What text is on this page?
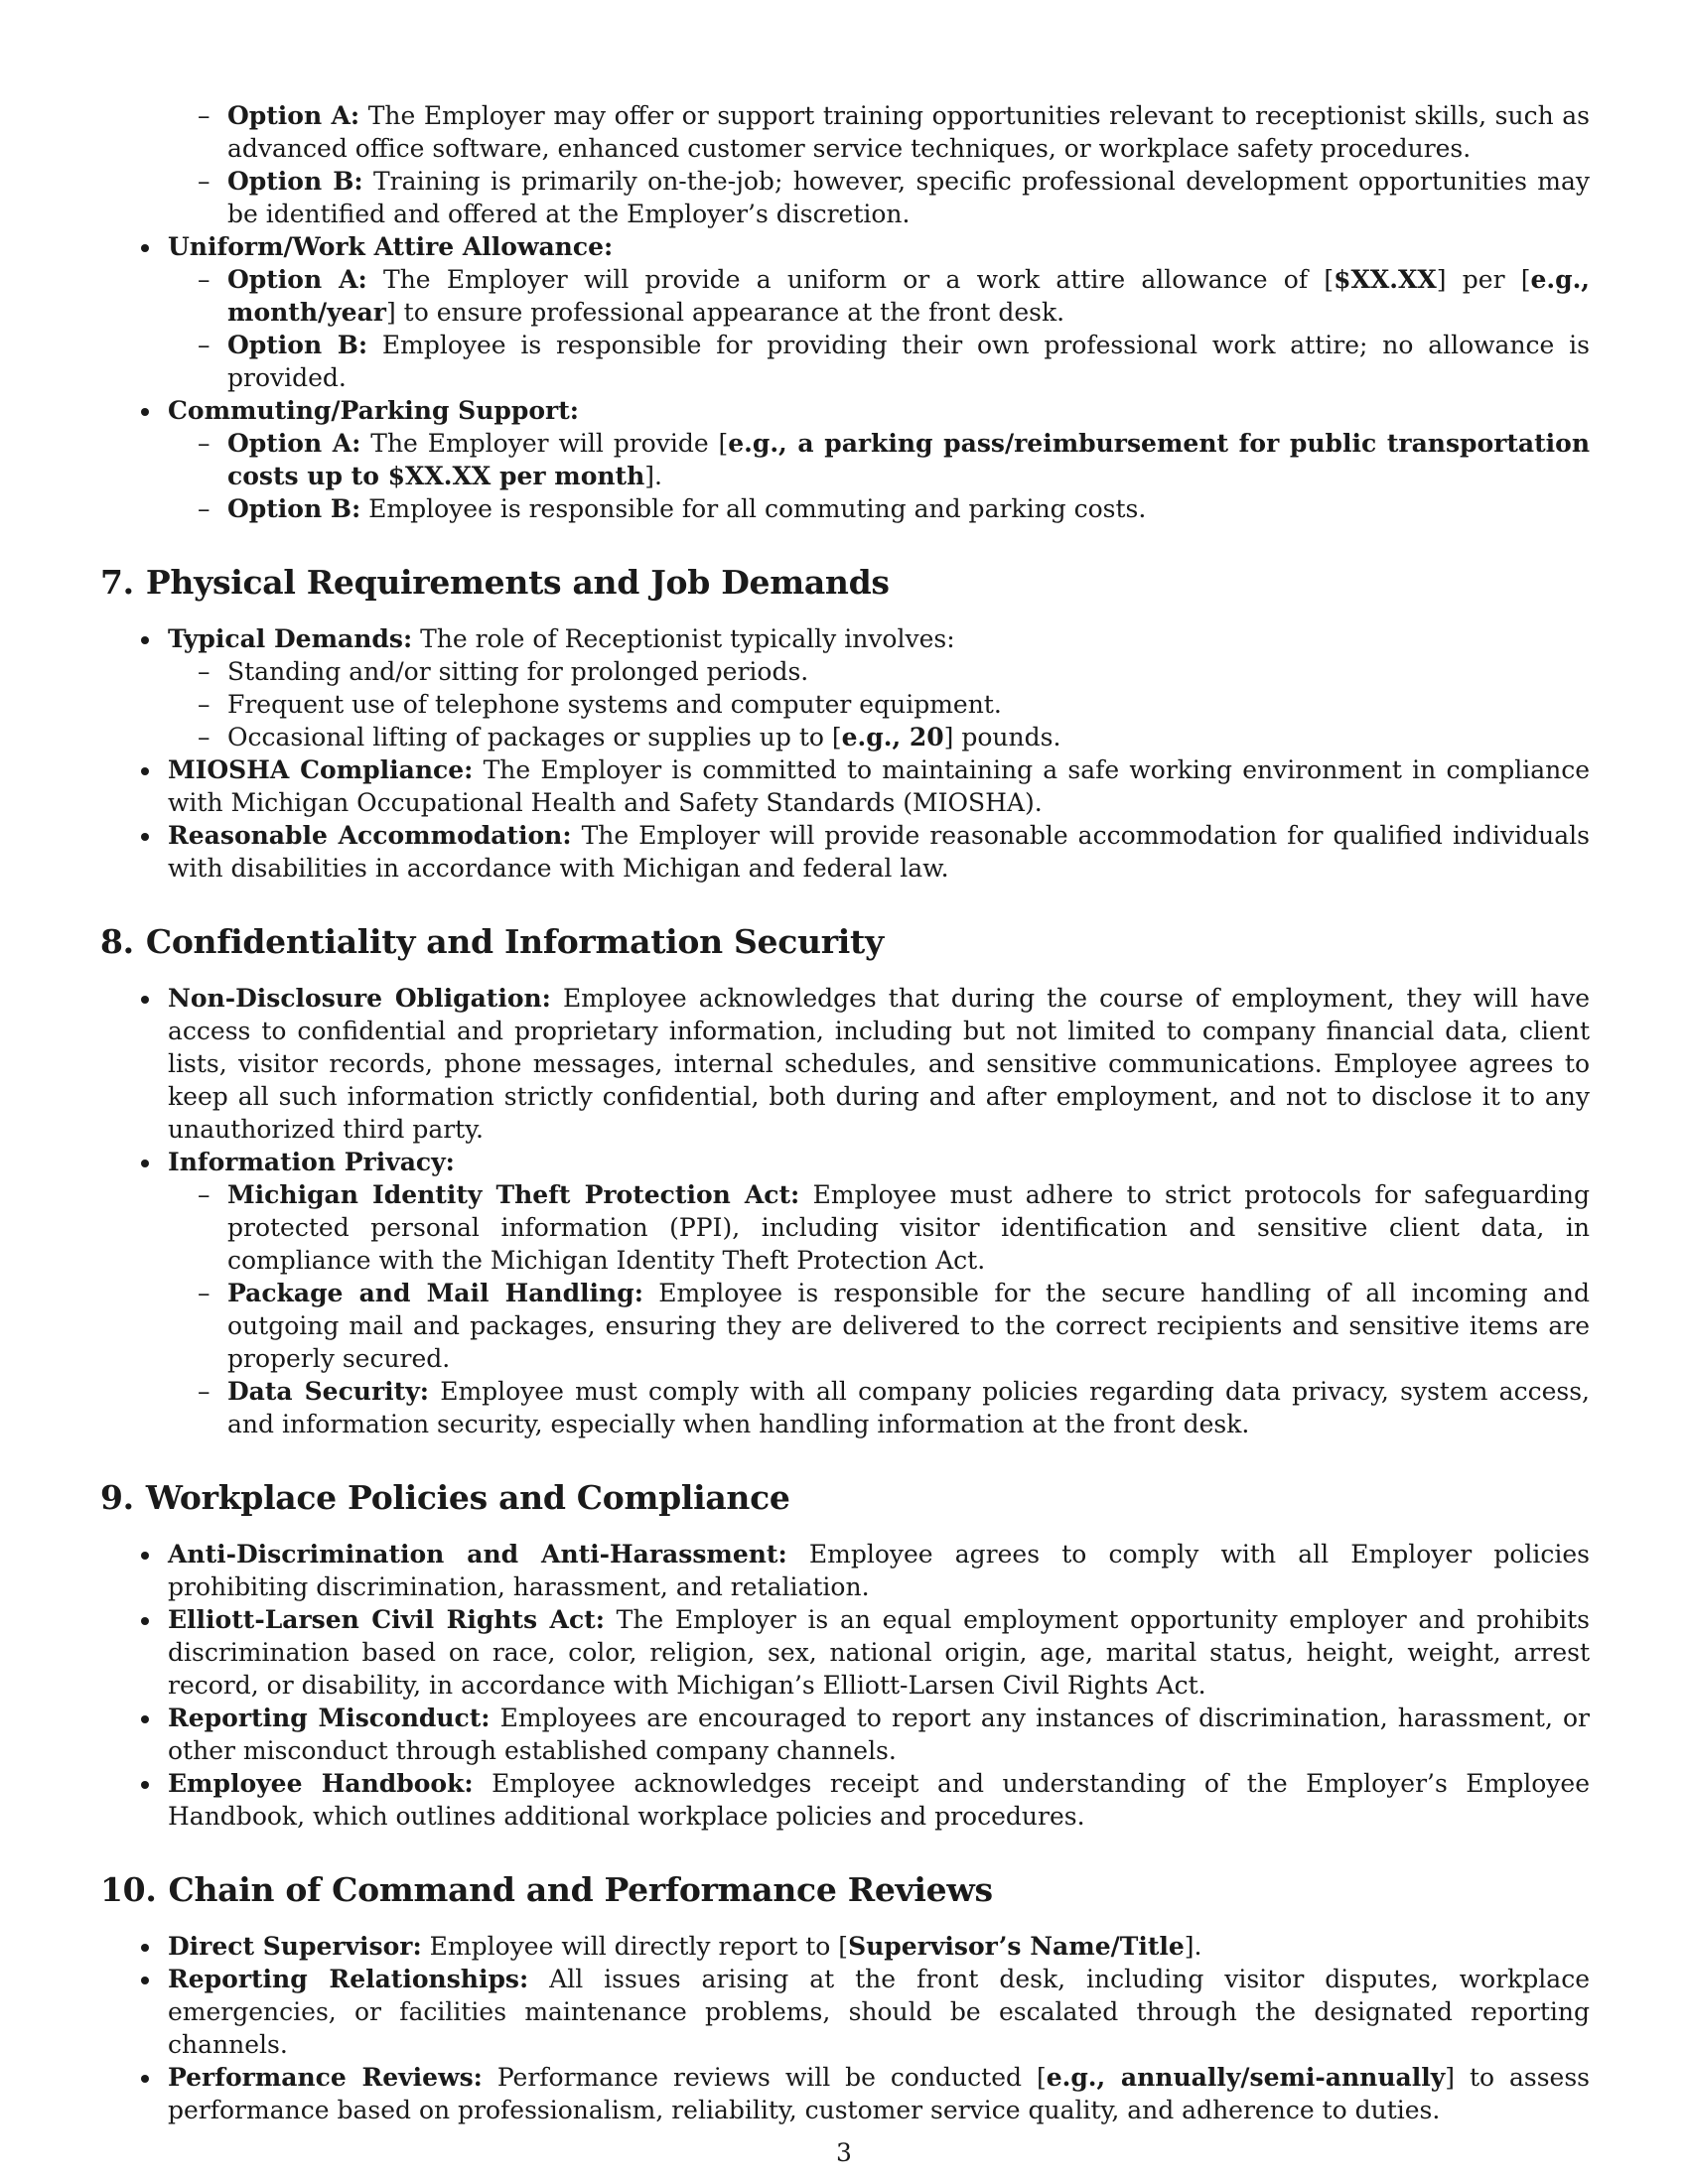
– Option A: The Employer may offer or support training opportunities relevant to receptionist skills, such as advanced office software, enhanced customer service techniques, or workplace safety procedures.
– Option B: Training is primarily on-the-job; however, specific professional development opportunities may be identified and offered at the Employer’s discretion.
Uniform/Work Attire Allowance:
– Option A: The Employer will provide a uniform or a work attire allowance of [$XX.XX] per [e.g., month/year] to ensure professional appearance at the front desk.
– Option B: Employee is responsible for providing their own professional work attire; no allowance is provided.
Commuting/Parking Support:
– Option A: The Employer will provide [e.g., a parking pass/reimbursement for public transportation costs up to $XX.XX per month].
– Option B: Employee is responsible for all commuting and parking costs.
7. Physical Requirements and Job Demands
Typical Demands: The role of Receptionist typically involves:
– Standing and/or sitting for prolonged periods.
– Frequent use of telephone systems and computer equipment.
– Occasional lifting of packages or supplies up to [e.g., 20] pounds.
MIOSHA Compliance: The Employer is committed to maintaining a safe working environment in compliance with Michigan Occupational Health and Safety Standards (MIOSHA).
Reasonable Accommodation: The Employer will provide reasonable accommodation for qualified individuals with disabilities in accordance with Michigan and federal law.
8. Confidentiality and Information Security
Non-Disclosure Obligation: Employee acknowledges that during the course of employment, they will have access to confidential and proprietary information, including but not limited to company financial data, client lists, visitor records, phone messages, internal schedules, and sensitive communications. Employee agrees to keep all such information strictly confidential, both during and after employment, and not to disclose it to any unauthorized third party.
Information Privacy:
– Michigan Identity Theft Protection Act: Employee must adhere to strict protocols for safeguarding protected personal information (PPI), including visitor identification and sensitive client data, in compliance with the Michigan Identity Theft Protection Act.
– Package and Mail Handling: Employee is responsible for the secure handling of all incoming and outgoing mail and packages, ensuring they are delivered to the correct recipients and sensitive items are properly secured.
– Data Security: Employee must comply with all company policies regarding data privacy, system access, and information security, especially when handling information at the front desk.
9. Workplace Policies and Compliance
Anti-Discrimination and Anti-Harassment: Employee agrees to comply with all Employer policies prohibiting discrimination, harassment, and retaliation.
Elliott-Larsen Civil Rights Act: The Employer is an equal employment opportunity employer and prohibits discrimination based on race, color, religion, sex, national origin, age, marital status, height, weight, arrest record, or disability, in accordance with Michigan’s Elliott-Larsen Civil Rights Act.
Reporting Misconduct: Employees are encouraged to report any instances of discrimination, harassment, or other misconduct through established company channels.
Employee Handbook: Employee acknowledges receipt and understanding of the Employer’s Employee Handbook, which outlines additional workplace policies and procedures.
10. Chain of Command and Performance Reviews
Direct Supervisor: Employee will directly report to [Supervisor’s Name/Title].
Reporting Relationships: All issues arising at the front desk, including visitor disputes, workplace emergencies, or facilities maintenance problems, should be escalated through the designated reporting channels.
Performance Reviews: Performance reviews will be conducted [e.g., annually/semi-annually] to assess performance based on professionalism, reliability, customer service quality, and adherence to duties.
3
